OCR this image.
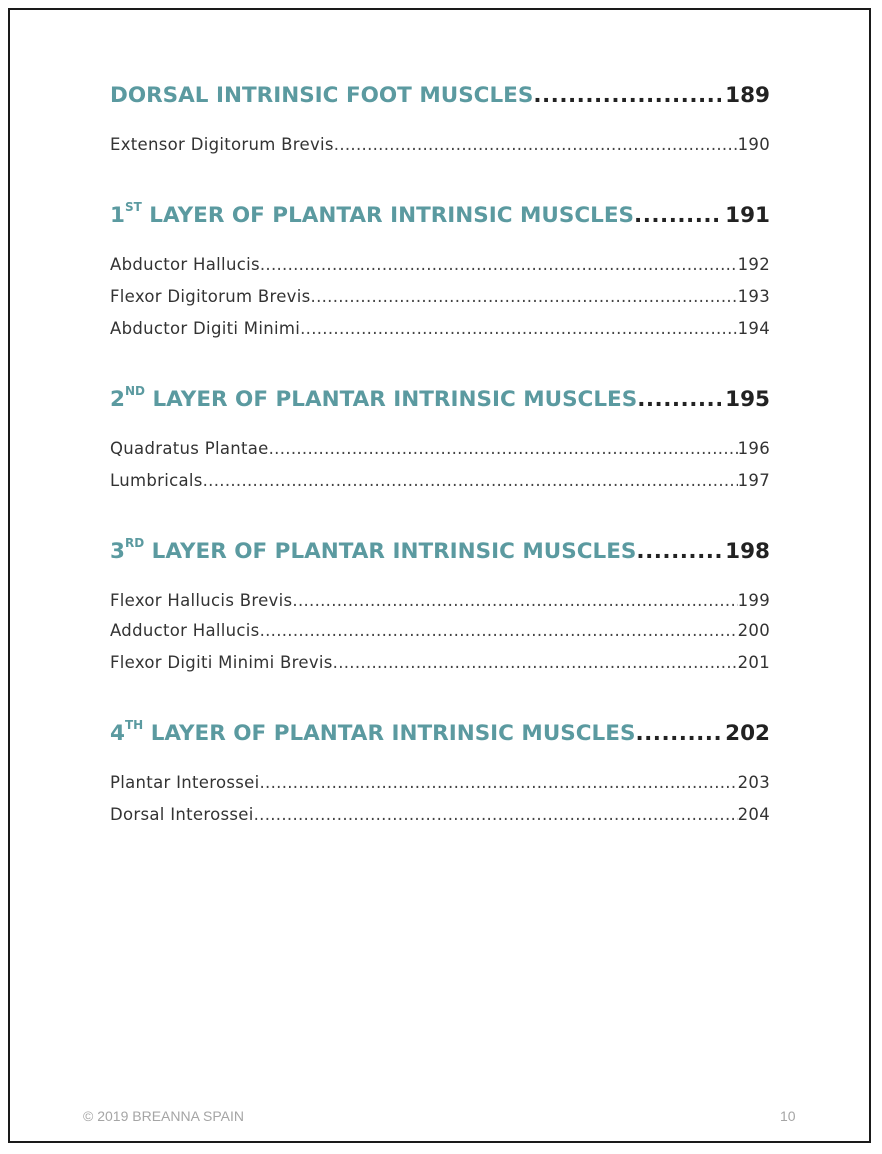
DORSAL INTRINSIC FOOT MUSCLES .....	189
Extensor Digitorum Brevis .....	190
1ST LAYER OF PLANTAR INTRINSIC MUSCLES .....	191
Abductor Hallucis .....	192
Flexor Digitorum Brevis .....	193
Abductor Digiti Minimi .....	194
2ND LAYER OF PLANTAR INTRINSIC MUSCLES .....	195
Quadratus Plantae .....	196
Lumbricals .....	197
3RD LAYER OF PLANTAR INTRINSIC MUSCLES .....	198
Flexor Hallucis Brevis .....	199
Adductor Hallucis .....	200
Flexor Digiti Minimi Brevis .....	201
4TH LAYER OF PLANTAR INTRINSIC MUSCLES .....	202
Plantar Interossei .....	203
Dorsal Interossei .....	204
© 2019 BREANNA SPAIN	10
